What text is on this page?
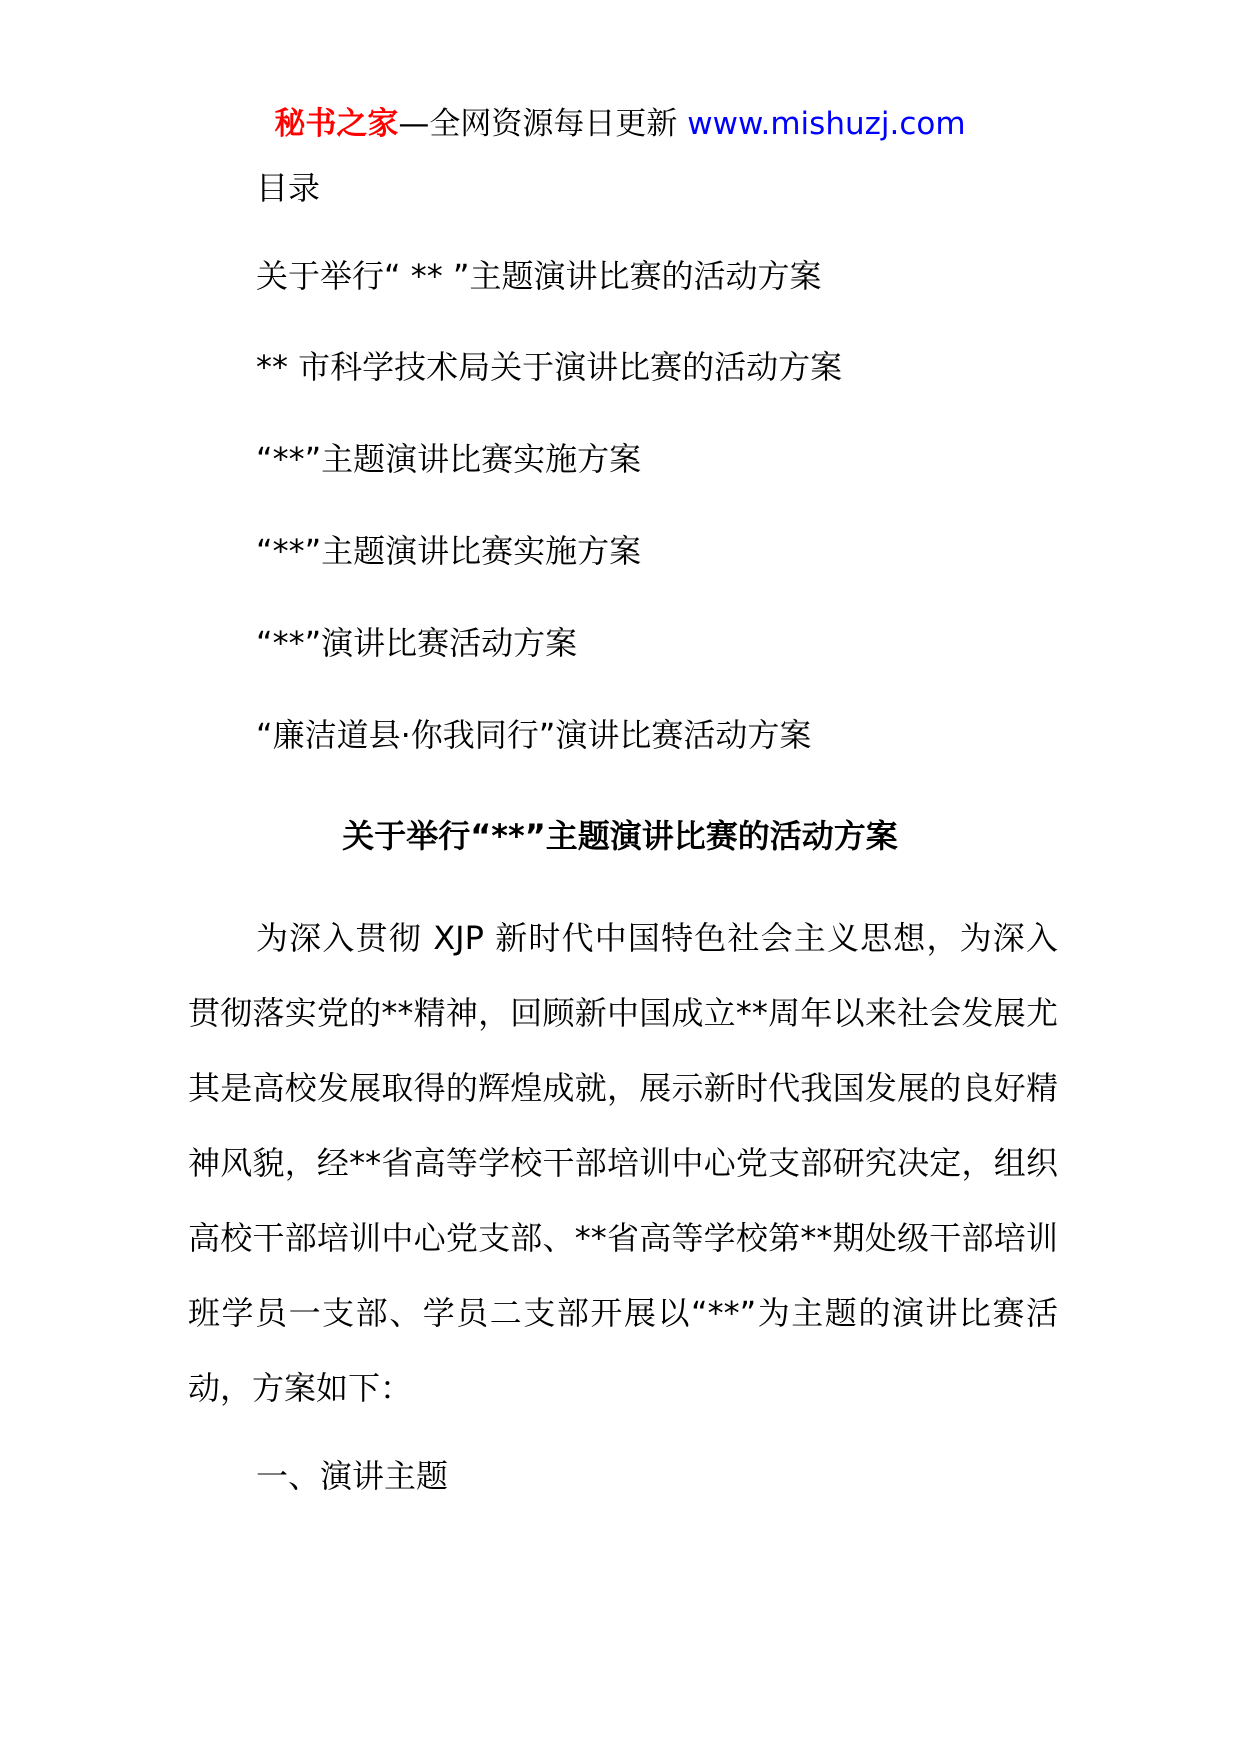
秘书之家—全网资源每日更新 www.mishuzj.com
目录
关于举行“ ** ”主题演讲比赛的活动方案
** 市科学技术局关于演讲比赛的活动方案
“**”主题演讲比赛实施方案
“**”主题演讲比赛实施方案
“**”演讲比赛活动方案
“廉洁道县·你我同行”演讲比赛活动方案
关于举行“**”主题演讲比赛的活动方案

为深入贯彻 XJP 新时代中国特色社会主义思想，为深入贯彻落实党的**精神，回顾新中国成立**周年以来社会发展尤其是高校发展取得的辉煌成就，展示新时代我国发展的良好精神风貌，经**省高等学校干部培训中心党支部研究决定，组织高校干部培训中心党支部、**省高等学校第**期处级干部培训班学员一支部、学员二支部开展以“**”为主题的演讲比赛活动，方案如下：

一、演讲主题
